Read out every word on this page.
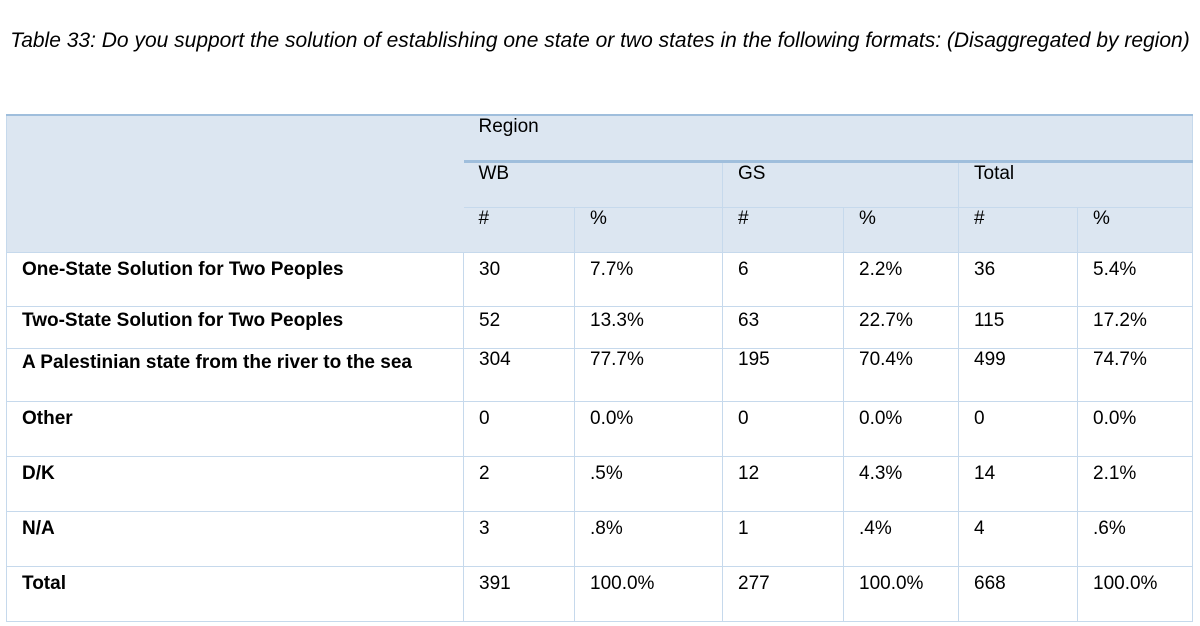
Table 33: Do you support the solution of establishing one state or two states in the following formats: (Disaggregated by region)
	Region					
	WB		GS		Total	
	#	%	#	%	#	%
One-State Solution for Two Peoples	30	7.7%	6	2.2%	36	5.4%
Two-State Solution for Two Peoples	52	13.3%	63	22.7%	115	17.2%
A Palestinian state from the river to the sea	304	77.7%	195	70.4%	499	74.7%
Other	0	0.0%	0	0.0%	0	0.0%
D/K	2	.5%	12	4.3%	14	2.1%
N/A	3	.8%	1	.4%	4	.6%
Total	391	100.0%	277	100.0%	668	100.0%
